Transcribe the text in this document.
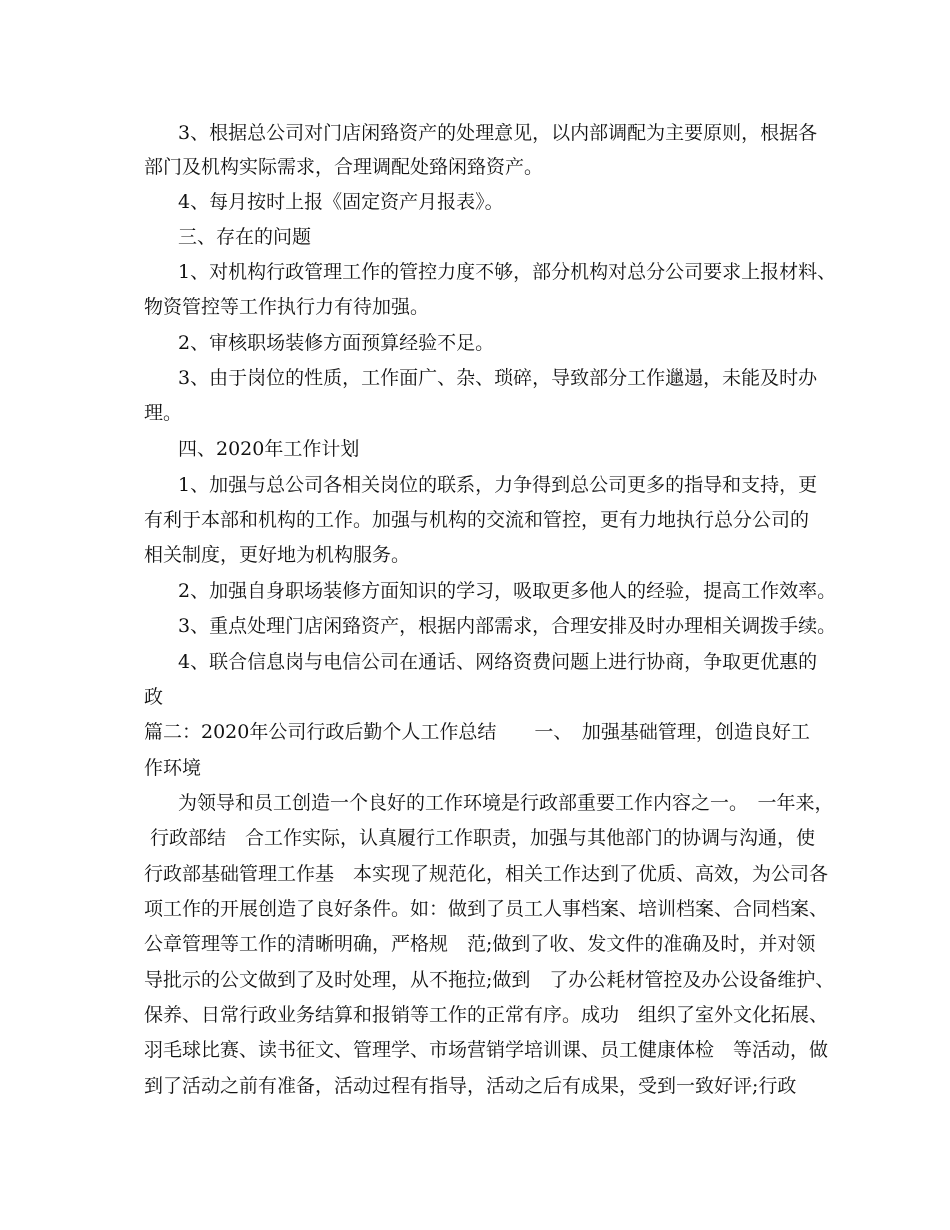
3、根据总公司对门店闲臵资产的处理意见，以内部调配为主要原则，根据各
部门及机构实际需求，合理调配处臵闲臵资产。
4、每月按时上报《固定资产月报表》。
三、存在的问题
1、对机构行政管理工作的管控力度不够，部分机构对总分公司要求上报材料、
物资管控等工作执行力有待加强。
2、审核职场装修方面预算经验不足。
3、由于岗位的性质，工作面广、杂、琐碎，导致部分工作邋遢，未能及时办
理。
四、2020年工作计划
1、加强与总公司各相关岗位的联系，力争得到总公司更多的指导和支持，更
有利于本部和机构的工作。加强与机构的交流和管控，更有力地执行总分公司的
相关制度，更好地为机构服务。
2、加强自身职场装修方面知识的学习，吸取更多他人的经验，提高工作效率。
3、重点处理门店闲臵资产，根据内部需求，合理安排及时办理相关调拨手续。
4、联合信息岗与电信公司在通话、网络资费问题上进行协商，争取更优惠的
政
篇二：2020年公司行政后勤个人工作总结　　一、　加强基础管理，创造良好工
作环境
为领导和员工创造一个良好的工作环境是行政部重要工作内容之一。　一年来，
行政部结　合工作实际，认真履行工作职责，加强与其他部门的协调与沟通，使
行政部基础管理工作基　本实现了规范化，相关工作达到了优质、高效，为公司各
项工作的开展创造了良好条件。如：做到了员工人事档案、培训档案、合同档案、
公章管理等工作的清晰明确，严格规　范;做到了收、发文件的准确及时，并对领
导批示的公文做到了及时处理，从不拖拉;做到　了办公耗材管控及办公设备维护、
保养、日常行政业务结算和报销等工作的正常有序。成功　组织了室外文化拓展、
羽毛球比赛、读书征文、管理学、市场营销学培训课、员工健康体检　等活动，做
到了活动之前有准备，活动过程有指导，活动之后有成果，受到一致好评;行政
